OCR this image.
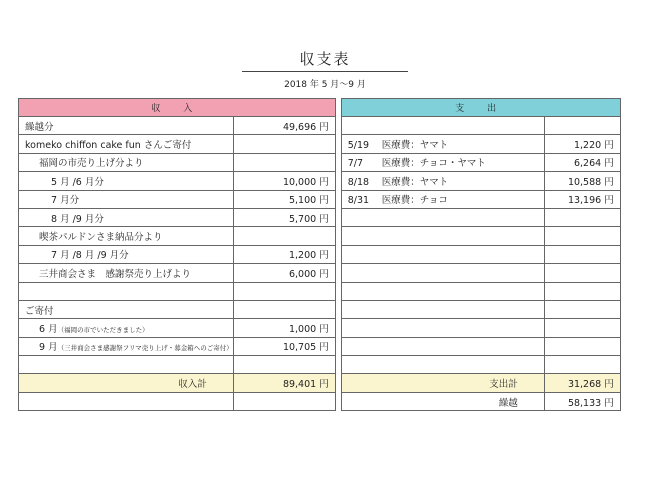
収支表
2018 年 5 月〜9 月
収 入			支 出	
繰越分	49,696 円			
komeko chiffon cake fun さんご寄付			5/19 医療費：ヤマト	1,220 円
福岡の市売り上げ分より			7/7 医療費：チョコ・ヤマト	6,264 円
5 月 /6 月分	10,000 円		8/18 医療費：ヤマト	10,588 円
7 月分	5,100 円		8/31 医療費：チョコ	13,196 円
8 月 /9 月分	5,700 円			
喫茶パルドンさま納品分より				
7 月 /8 月 /9 月分	1,200 円			
三井商会さま　感謝祭売り上げより	6,000 円			

ご寄付				
6 月（福岡の市でいただきました）	1,000 円			
9 月（三井商会さま感謝祭フリマ売り上げ・募金箱へのご寄付）	10,705 円			

収入計	89,401 円		支出計	31,268 円
			繰越	58,133 円
